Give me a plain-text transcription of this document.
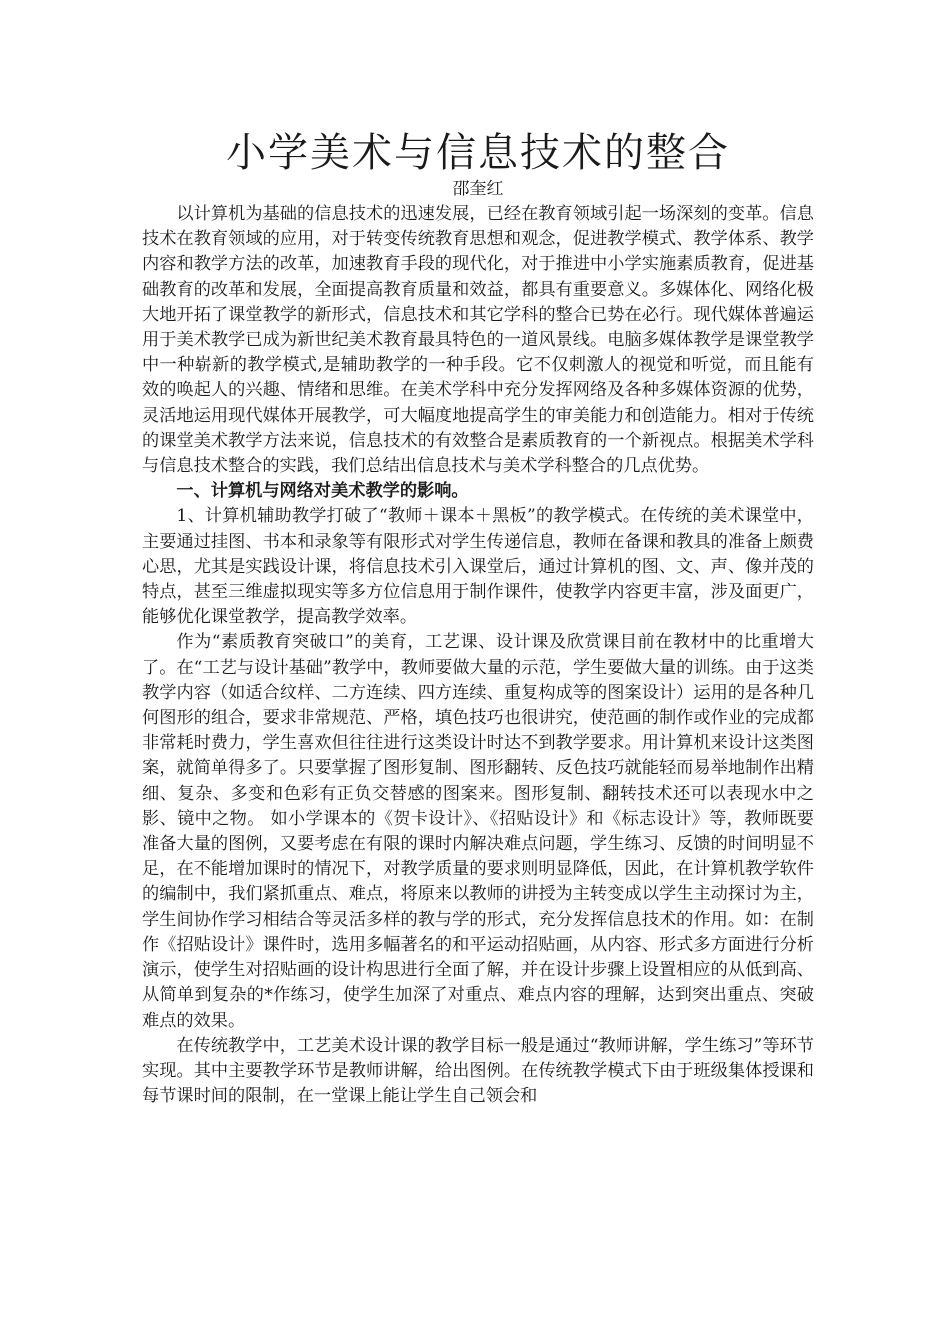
小学美术与信息技术的整合

邵奎红

以计算机为基础的信息技术的迅速发展，已经在教育领域引起一场深刻的变革。信息技术在教育领域的应用，对于转变传统教育思想和观念，促进教学模式、教学体系、教学内容和教学方法的改革，加速教育手段的现代化，对于推进中小学实施素质教育，促进基础教育的改革和发展，全面提高教育质量和效益，都具有重要意义。多媒体化、网络化极大地开拓了课堂教学的新形式，信息技术和其它学科的整合已势在必行。现代媒体普遍运用于美术教学已成为新世纪美术教育最具特色的一道风景线。电脑多媒体教学是课堂教学中一种崭新的教学模式,是辅助教学的一种手段。它不仅刺激人的视觉和听觉，而且能有效的唤起人的兴趣、情绪和思维。在美术学科中充分发挥网络及各种多媒体资源的优势，灵活地运用现代媒体开展教学，可大幅度地提高学生的审美能力和创造能力。相对于传统的课堂美术教学方法来说，信息技术的有效整合是素质教育的一个新视点。根据美术学科与信息技术整合的实践，我们总结出信息技术与美术学科整合的几点优势。

一、计算机与网络对美术教学的影响。

1、计算机辅助教学打破了“教师＋课本＋黑板”的教学模式。在传统的美术课堂中，主要通过挂图、书本和录象等有限形式对学生传递信息，教师在备课和教具的准备上颇费心思，尤其是实践设计课，将信息技术引入课堂后，通过计算机的图、文、声、像并茂的特点，甚至三维虚拟现实等多方位信息用于制作课件，使教学内容更丰富，涉及面更广，能够优化课堂教学，提高教学效率。

作为“素质教育突破口”的美育，工艺课、设计课及欣赏课目前在教材中的比重增大了。在“工艺与设计基础”教学中，教师要做大量的示范，学生要做大量的训练。由于这类教学内容（如适合纹样、二方连续、四方连续、重复构成等的图案设计）运用的是各种几何图形的组合，要求非常规范、严格，填色技巧也很讲究，使范画的制作或作业的完成都非常耗时费力，学生喜欢但往往进行这类设计时达不到教学要求。用计算机来设计这类图案，就简单得多了。只要掌握了图形复制、图形翻转、反色技巧就能轻而易举地制作出精细、复杂、多变和色彩有正负交替感的图案来。图形复制、翻转技术还可以表现水中之影、镜中之物。 如小学课本的《贺卡设计》、《招贴设计》和《标志设计》等，教师既要准备大量的图例，又要考虑在有限的课时内解决难点问题，学生练习、反馈的时间明显不足，在不能增加课时的情况下，对教学质量的要求则明显降低，因此，在计算机教学软件的编制中，我们紧抓重点、难点，将原来以教师的讲授为主转变成以学生主动探讨为主，学生间协作学习相结合等灵活多样的教与学的形式，充分发挥信息技术的作用。如：在制作《招贴设计》课件时，选用多幅著名的和平运动招贴画，从内容、形式多方面进行分析演示，使学生对招贴画的设计构思进行全面了解，并在设计步骤上设置相应的从低到高、从简单到复杂的*作练习，使学生加深了对重点、难点内容的理解，达到突出重点、突破难点的效果。

在传统教学中，工艺美术设计课的教学目标一般是通过“教师讲解，学生练习”等环节实现。其中主要教学环节是教师讲解，给出图例。在传统教学模式下由于班级集体授课和每节课时间的限制，在一堂课上能让学生自己领会和
